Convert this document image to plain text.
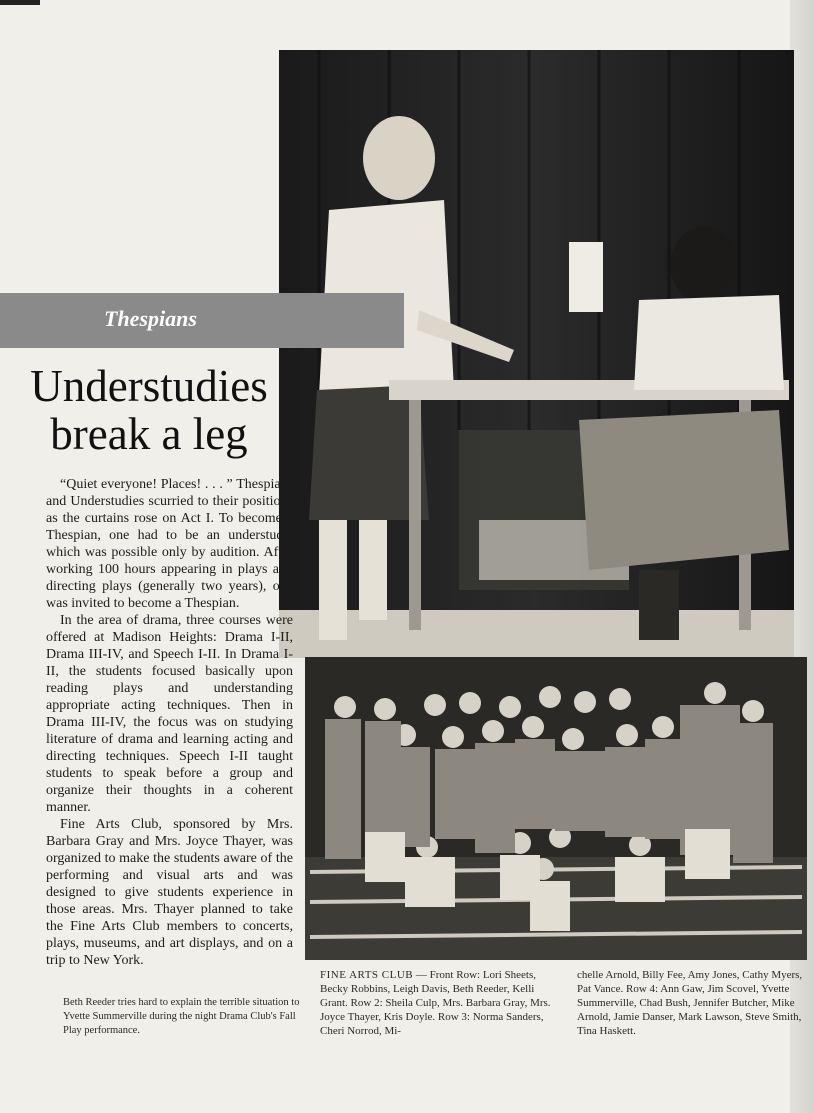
Thespians
Understudies
break a leg

“Quiet everyone! Places! . . . ” Thespians and Understudies scurried to their positions as the curtains rose on Act I. To become a Thespian, one had to be an understudy, which was possible only by audition. After working 100 hours appearing in plays and directing plays (generally two years), one was invited to become a Thespian.

In the area of drama, three courses were offered at Madison Heights: Drama I-II, Drama III-IV, and Speech I-II. In Drama I-II, the students focused basically upon reading plays and understanding appropriate acting techniques. Then in Drama III-IV, the focus was on studying literature of drama and learning acting and directing techniques. Speech I-II taught students to speak before a group and organize their thoughts in a coherent manner.

Fine Arts Club, sponsored by Mrs. Barbara Gray and Mrs. Joyce Thayer, was organized to make the students aware of the performing and visual arts and was designed to give students experience in those areas. Mrs. Thayer planned to take the Fine Arts Club members to concerts, plays, museums, and art displays, and on a trip to New York.

Beth Reeder tries hard to explain the terrible situation to Yvette Summerville during the night Drama Club's Fall Play performance.
FINE ARTS CLUB — Front Row: Lori Sheets, Becky Robbins, Leigh Davis, Beth Reeder, Kelli Grant. Row 2: Sheila Culp, Mrs. Barbara Gray, Mrs. Joyce Thayer, Kris Doyle. Row 3: Norma Sanders, Cheri Norrod, Mi-
chelle Arnold, Billy Fee, Amy Jones, Cathy Myers, Pat Vance. Row 4: Ann Gaw, Jim Scovel, Yvette Summerville, Chad Bush, Jennifer Butcher, Mike Arnold, Jamie Danser, Mark Lawson, Steve Smith, Tina Haskett.
